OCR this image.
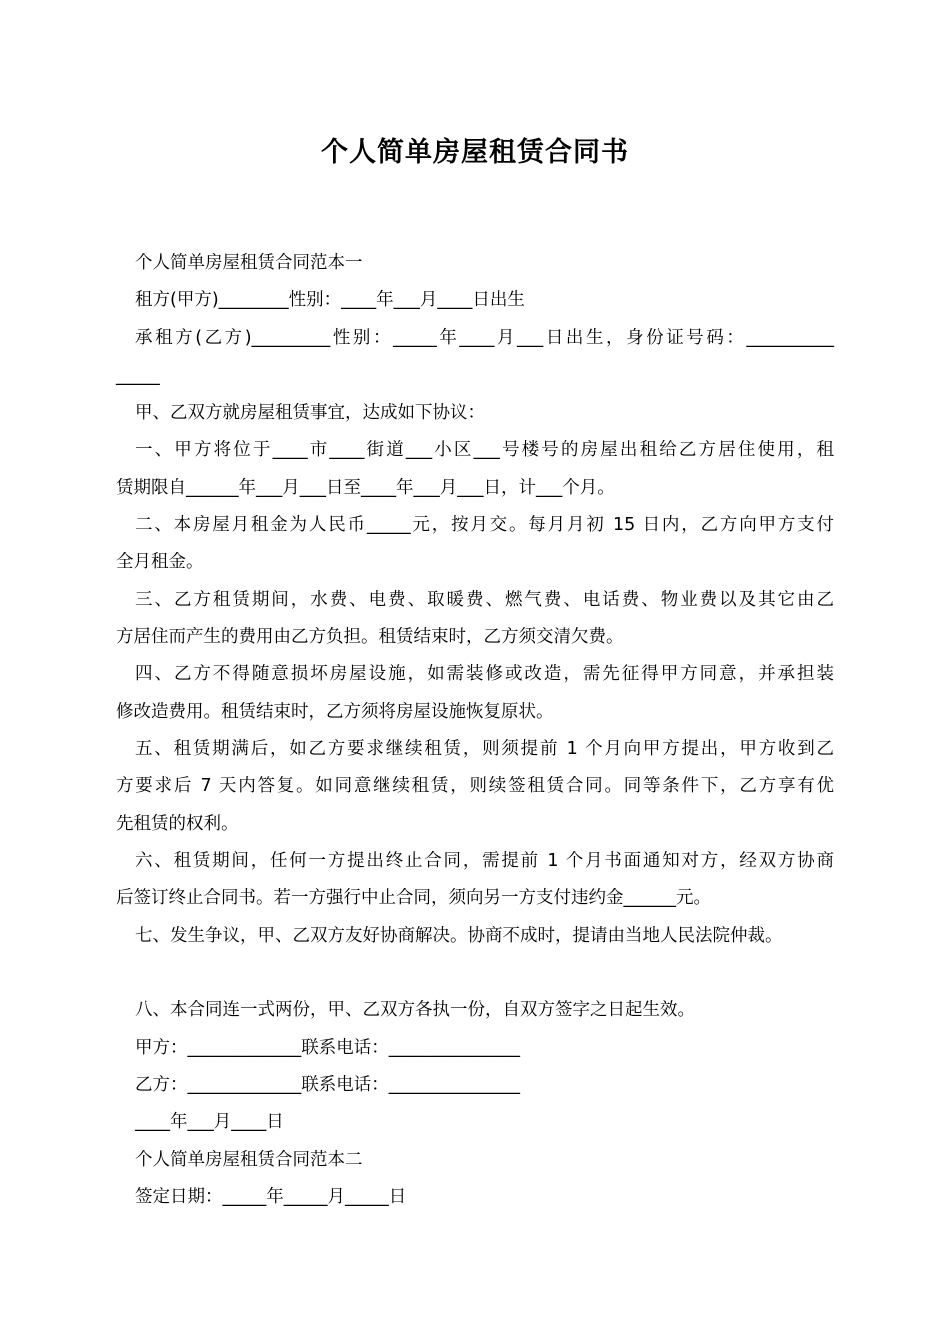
个人简单房屋租赁合同书

个人简单房屋租赁合同范本一

租方(甲方)________性别：____年___月____日出生

承租方(乙方)_________性别：_____年____月___日出生，身份证号码：__________

_____

甲、乙双方就房屋租赁事宜，达成如下协议：

一、甲方将位于____市____街道___小区___号楼号的房屋出租给乙方居住使用，租

赁期限自______年___月___日至____年___月___日，计___个月。

二、本房屋月租金为人民币_____元，按月交。每月月初 15 日内，乙方向甲方支付

全月租金。

三、乙方租赁期间，水费、电费、取暖费、燃气费、电话费、物业费以及其它由乙

方居住而产生的费用由乙方负担。租赁结束时，乙方须交清欠费。

四、乙方不得随意损坏房屋设施，如需装修或改造，需先征得甲方同意，并承担装

修改造费用。租赁结束时，乙方须将房屋设施恢复原状。

五、租赁期满后，如乙方要求继续租赁，则须提前 1 个月向甲方提出，甲方收到乙

方要求后 7 天内答复。如同意继续租赁，则续签租赁合同。同等条件下，乙方享有优

先租赁的权利。

六、租赁期间，任何一方提出终止合同，需提前 1 个月书面通知对方，经双方协商

后签订终止合同书。若一方强行中止合同，须向另一方支付违约金______元。

七、发生争议，甲、乙双方友好协商解决。协商不成时，提请由当地人民法院仲裁。

八、本合同连一式两份，甲、乙双方各执一份，自双方签字之日起生效。

甲方：_____________联系电话：_______________

乙方：_____________联系电话：_______________

____年___月____日

个人简单房屋租赁合同范本二

签定日期：_____年_____月_____日
